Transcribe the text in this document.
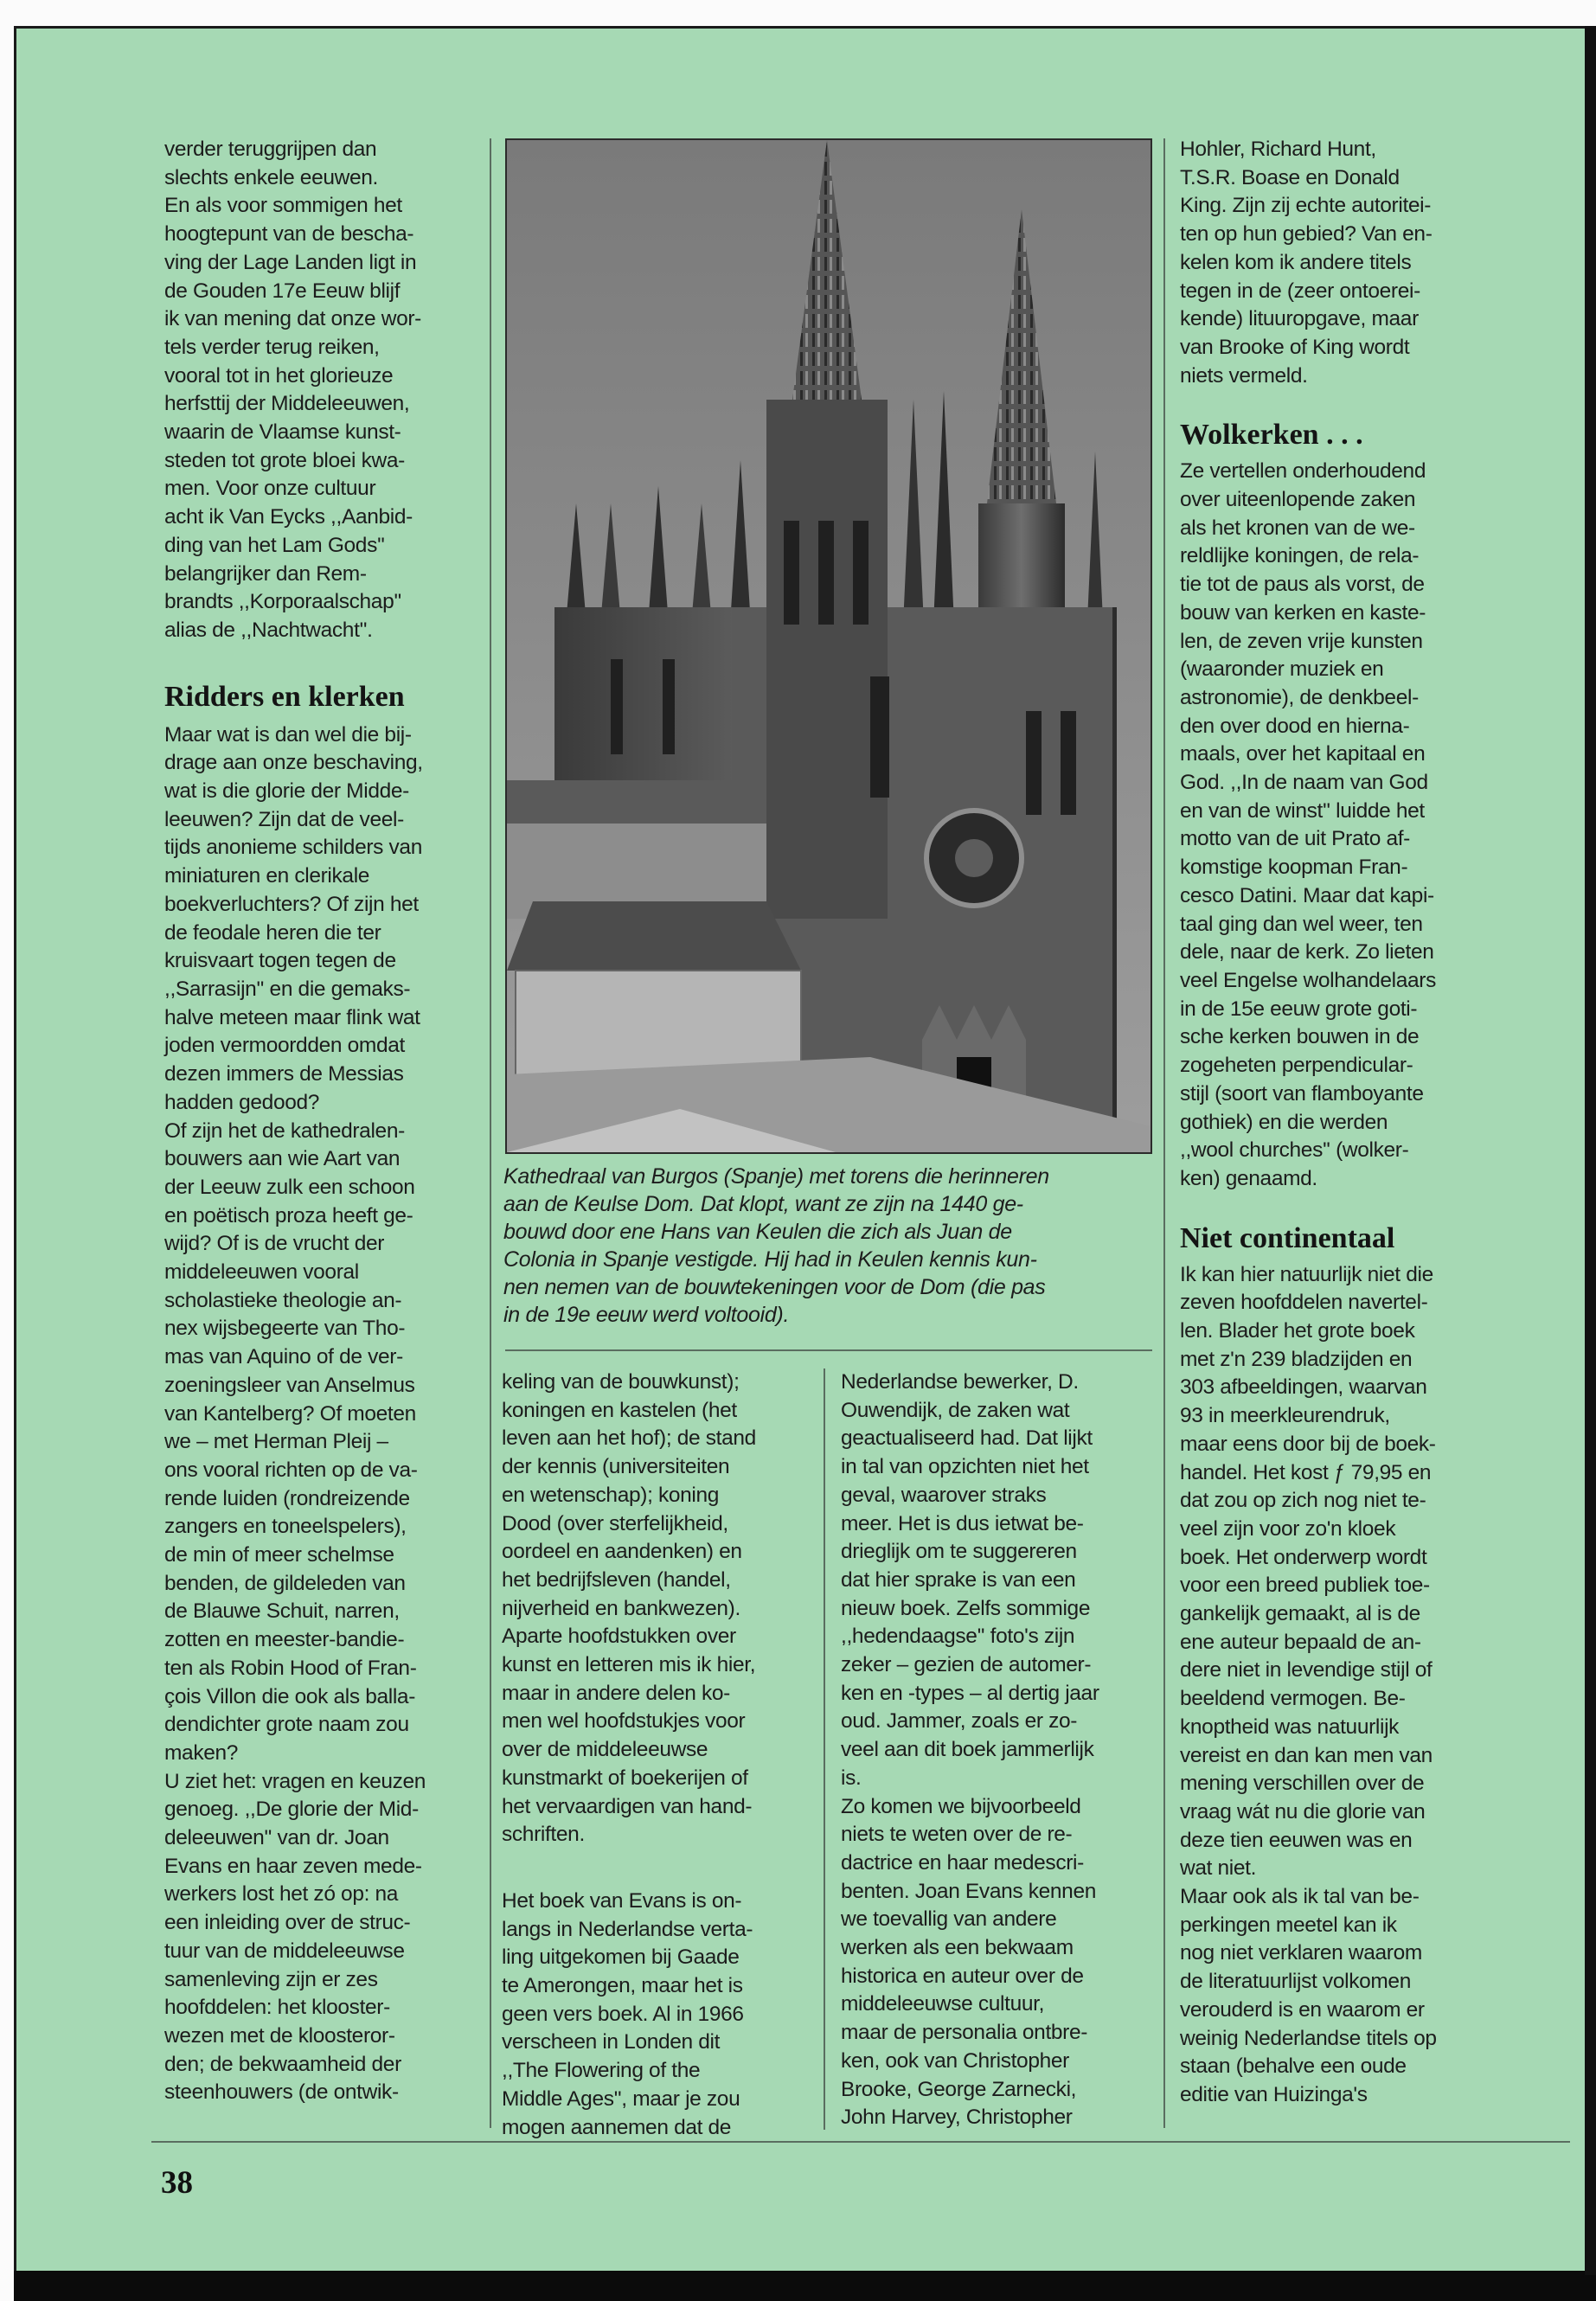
verder teruggrijpen dan

slechts enkele eeuwen.

En als voor sommigen het

hoogtepunt van de bescha-

ving der Lage Landen ligt in

de Gouden 17e Eeuw blijf

ik van mening dat onze wor-

tels verder terug reiken,

vooral tot in het glorieuze

herfsttij der Middeleeuwen,

waarin de Vlaamse kunst-

steden tot grote bloei kwa-

men. Voor onze cultuur

acht ik Van Eycks ,,Aanbid-

ding van het Lam Gods''

belangrijker dan Rem-

brandts ,,Korporaalschap''

alias de ,,Nachtwacht''.

Ridders en klerken

Maar wat is dan wel die bij-

drage aan onze beschaving,

wat is die glorie der Midde-

leeuwen? Zijn dat de veel-

tijds anonieme schilders van

miniaturen en clerikale

boekverluchters? Of zijn het

de feodale heren die ter

kruisvaart togen tegen de

,,Sarrasijn'' en die gemaks-

halve meteen maar flink wat

joden vermoordden omdat

dezen immers de Messias

hadden gedood?

Of zijn het de kathedralen-

bouwers aan wie Aart van

der Leeuw zulk een schoon

en poëtisch proza heeft ge-

wijd? Of is de vrucht der

middeleeuwen vooral

scholastieke theologie an-

nex wijsbegeerte van Tho-

mas van Aquino of de ver-

zoeningsleer van Anselmus

van Kantelberg? Of moeten

we – met Herman Pleij –

ons vooral richten op de va-

rende luiden (rondreizende

zangers en toneelspelers),

de min of meer schelmse

benden, de gildeleden van

de Blauwe Schuit, narren,

zotten en meester-bandie-

ten als Robin Hood of Fran-

çois Villon die ook als balla-

dendichter grote naam zou

maken?

U ziet het: vragen en keuzen

genoeg. ,,De glorie der Mid-

deleeuwen'' van dr. Joan

Evans en haar zeven mede-

werkers lost het zó op: na

een inleiding over de struc-

tuur van de middeleeuwse

samenleving zijn er zes

hoofddelen: het klooster-

wezen met de kloosteror-

den; de bekwaamheid der

steenhouwers (de ontwik-

Kathedraal van Burgos (Spanje) met torens die herinneren

aan de Keulse Dom. Dat klopt, want ze zijn na 1440 ge-

bouwd door ene Hans van Keulen die zich als Juan de

Colonia in Spanje vestigde. Hij had in Keulen kennis kun-

nen nemen van de bouwtekeningen voor de Dom (die pas

in de 19e eeuw werd voltooid).

keling van de bouwkunst);

koningen en kastelen (het

leven aan het hof); de stand

der kennis (universiteiten

en wetenschap); koning

Dood (over sterfelijkheid,

oordeel en aandenken) en

het bedrijfsleven (handel,

nijverheid en bankwezen).

Aparte hoofdstukken over

kunst en letteren mis ik hier,

maar in andere delen ko-

men wel hoofdstukjes voor

over de middeleeuwse

kunstmarkt of boekerijen of

het vervaardigen van hand-

schriften.

Het boek van Evans is on-

langs in Nederlandse verta-

ling uitgekomen bij Gaade

te Amerongen, maar het is

geen vers boek. Al in 1966

verscheen in Londen dit

,,The Flowering of the

Middle Ages'', maar je zou

mogen aannemen dat de

Nederlandse bewerker, D.

Ouwendijk, de zaken wat

geactualiseerd had. Dat lijkt

in tal van opzichten niet het

geval, waarover straks

meer. Het is dus ietwat be-

drieglijk om te suggereren

dat hier sprake is van een

nieuw boek. Zelfs sommige

,,hedendaagse'' foto's zijn

zeker – gezien de automer-

ken en -types – al dertig jaar

oud. Jammer, zoals er zo-

veel aan dit boek jammerlijk

is.

Zo komen we bijvoorbeeld

niets te weten over de re-

dactrice en haar medescri-

benten. Joan Evans kennen

we toevallig van andere

werken als een bekwaam

historica en auteur over de

middeleeuwse cultuur,

maar de personalia ontbre-

ken, ook van Christopher

Brooke, George Zarnecki,

John Harvey, Christopher

Hohler, Richard Hunt,

T.S.R. Boase en Donald

King. Zijn zij echte autoritei-

ten op hun gebied? Van en-

kelen kom ik andere titels

tegen in de (zeer ontoerei-

kende) lituuropgave, maar

van Brooke of King wordt

niets vermeld.

Wolkerken . . .

Ze vertellen onderhoudend

over uiteenlopende zaken

als het kronen van de we-

reldlijke koningen, de rela-

tie tot de paus als vorst, de

bouw van kerken en kaste-

len, de zeven vrije kunsten

(waaronder muziek en

astronomie), de denkbeel-

den over dood en hierna-

maals, over het kapitaal en

God. ,,In de naam van God

en van de winst'' luidde het

motto van de uit Prato af-

komstige koopman Fran-

cesco Datini. Maar dat kapi-

taal ging dan wel weer, ten

dele, naar de kerk. Zo lieten

veel Engelse wolhandelaars

in de 15e eeuw grote goti-

sche kerken bouwen in de

zogeheten perpendicular-

stijl (soort van flamboyante

gothiek) en die werden

,,wool churches'' (wolker-

ken) genaamd.

Niet continentaal

Ik kan hier natuurlijk niet die

zeven hoofddelen navertel-

len. Blader het grote boek

met z'n 239 bladzijden en

303 afbeeldingen, waarvan

93 in meerkleurendruk,

maar eens door bij de boek-

handel. Het kost ƒ 79,95 en

dat zou op zich nog niet te-

veel zijn voor zo'n kloek

boek. Het onderwerp wordt

voor een breed publiek toe-

gankelijk gemaakt, al is de

ene auteur bepaald de an-

dere niet in levendige stijl of

beeldend vermogen. Be-

knoptheid was natuurlijk

vereist en dan kan men van

mening verschillen over de

vraag wát nu die glorie van

deze tien eeuwen was en

wat niet.

Maar ook als ik tal van be-

perkingen meetel kan ik

nog niet verklaren waarom

de literatuurlijst volkomen

verouderd is en waarom er

weinig Nederlandse titels op

staan (behalve een oude

editie van Huizinga's

38
